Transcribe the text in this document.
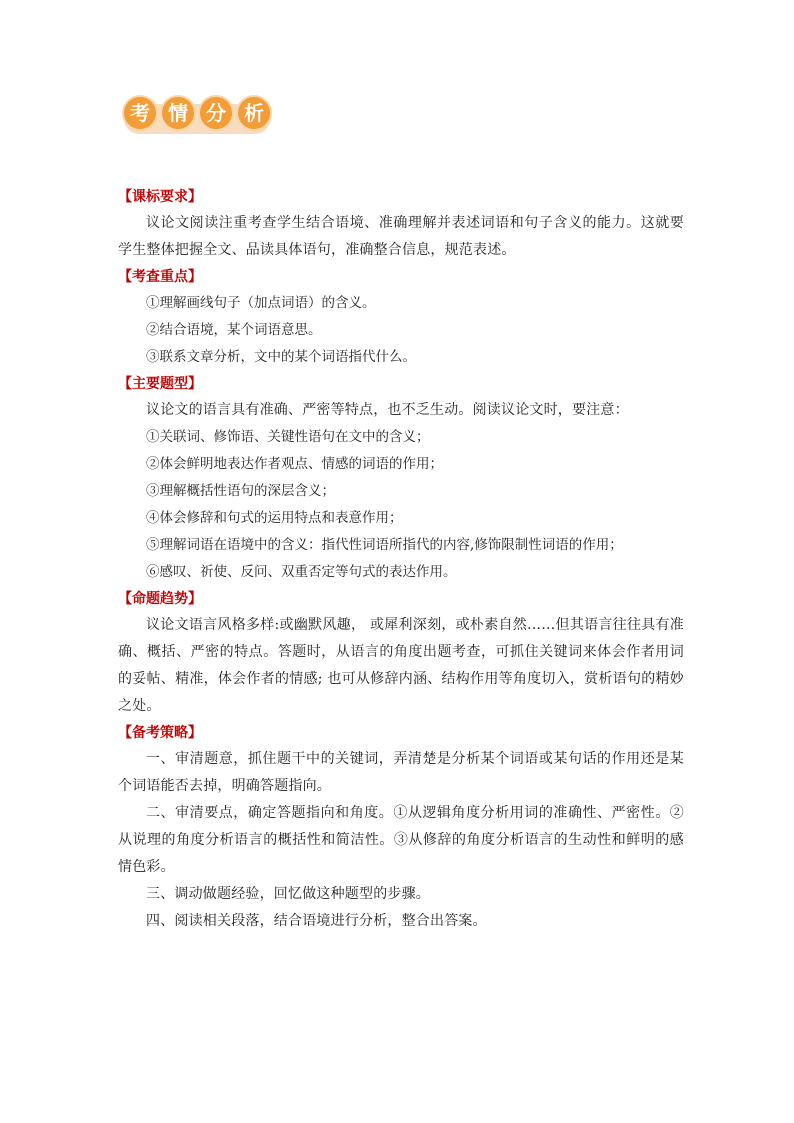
考 情 分 析
【课标要求】

议论文阅读注重考查学生结合语境、准确理解并表述词语和句子含义的能力。这就要学生整体把握全文、品读具体语句，准确整合信息，规范表述。

【考查重点】
①理解画线句子（加点词语）的含义。
②结合语境，某个词语意思。
③联系文章分析，文中的某个词语指代什么。
【主要题型】

议论文的语言具有准确、严密等特点，也不乏生动。阅读议论文时，要注意：

①关联词、修饰语、关键性语句在文中的含义；
②体会鲜明地表达作者观点、情感的词语的作用；
③理解概括性语句的深层含义；
④体会修辞和句式的运用特点和表意作用；
⑤理解词语在语境中的含义：指代性词语所指代的内容,修饰限制性词语的作用；
⑥感叹、祈使、反问、双重否定等句式的表达作用。
【命题趋势】

议论文语言风格多样:或幽默风趣， 或犀利深刻，或朴素自然……但其语言往往具有准确、概括、严密的特点。答题时，从语言的角度出题考查，可抓住关键词来体会作者用词的妥帖、精准，体会作者的情感; 也可从修辞内涵、结构作用等角度切入，赏析语句的精妙之处。

【备考策略】

一、审清题意，抓住题干中的关键词，弄清楚是分析某个词语或某句话的作用还是某个词语能否去掉，明确答题指向。

二、审清要点，确定答题指向和角度。①从逻辑角度分析用词的准确性、严密性。②从说理的角度分析语言的概括性和简洁性。③从修辞的角度分析语言的生动性和鲜明的感情色彩。

三、调动做题经验，回忆做这种题型的步骤。

四、阅读相关段落，结合语境进行分析，整合出答案。
